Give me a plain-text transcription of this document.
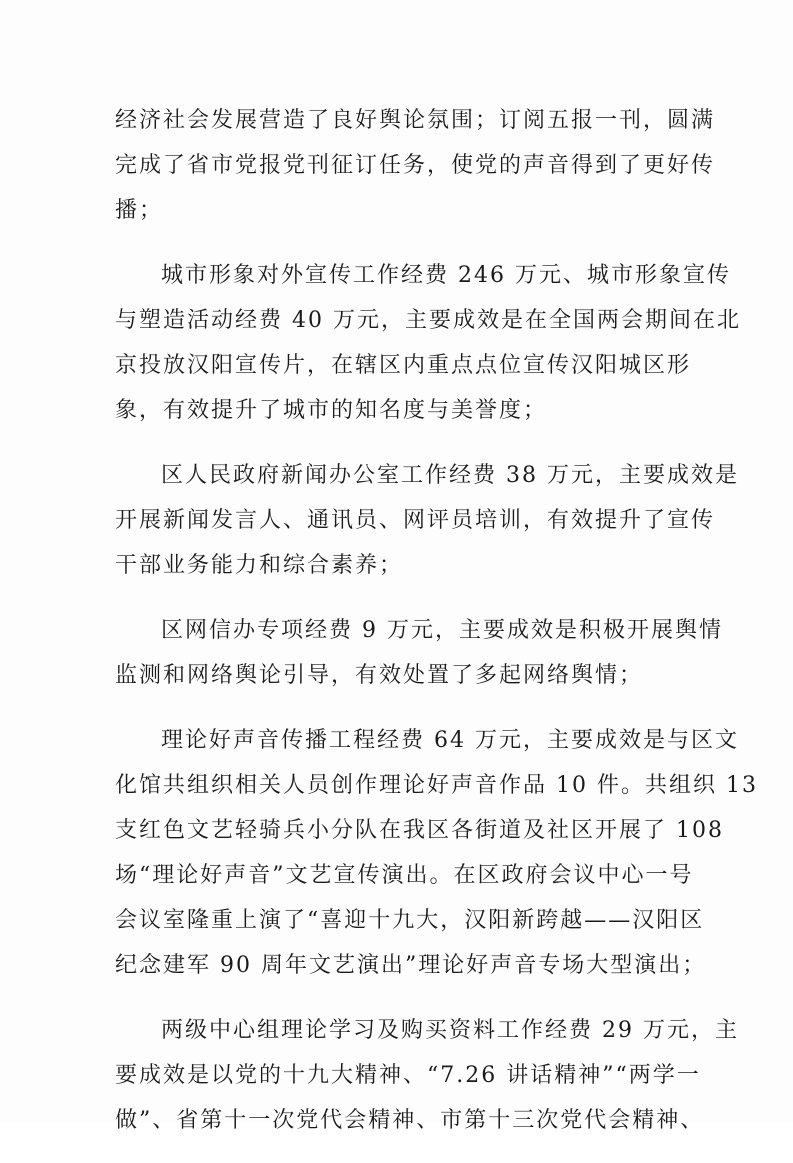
经济社会发展营造了良好舆论氛围；订阅五报一刊，圆满
完成了省市党报党刊征订任务，使党的声音得到了更好传
播；

城市形象对外宣传工作经费 246 万元、城市形象宣传
与塑造活动经费 40 万元，主要成效是在全国两会期间在北
京投放汉阳宣传片，在辖区内重点点位宣传汉阳城区形
象，有效提升了城市的知名度与美誉度；

区人民政府新闻办公室工作经费 38 万元，主要成效是
开展新闻发言人、通讯员、网评员培训，有效提升了宣传
干部业务能力和综合素养；

区网信办专项经费 9 万元，主要成效是积极开展舆情
监测和网络舆论引导，有效处置了多起网络舆情；

理论好声音传播工程经费 64 万元，主要成效是与区文
化馆共组织相关人员创作理论好声音作品 10 件。共组织 13
支红色文艺轻骑兵小分队在我区各街道及社区开展了 108
场“理论好声音”文艺宣传演出。在区政府会议中心一号
会议室隆重上演了“喜迎十九大，汉阳新跨越——汉阳区
纪念建军 90 周年文艺演出”理论好声音专场大型演出；

两级中心组理论学习及购买资料工作经费 29 万元，主
要成效是以党的十九大精神、“7.26 讲话精神”“两学一
做”、省第十一次党代会精神、市第十三次党代会精神、
